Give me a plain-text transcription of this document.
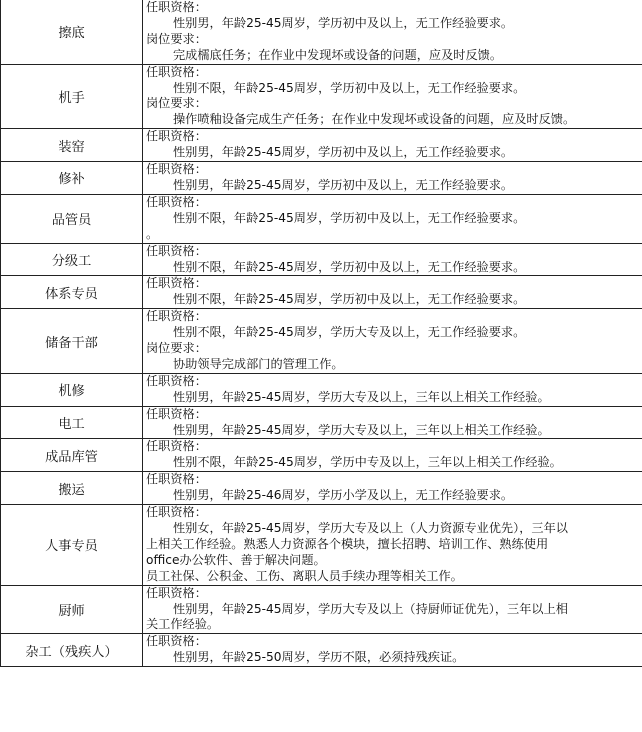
擦底	任职资格：
性别男，年龄25-45周岁，学历初中及以上，无工作经验要求。
岗位要求：
完成檽底任务；在作业中发现坏或设备的问题，应及时反馈。

机手	任职资格：
性别不限，年龄25-45周岁，学历初中及以上，无工作经验要求。
岗位要求：
操作喷釉设备完成生产任务；在作业中发现坏或设备的问题，应及时反馈。

装窑	任职资格：
性别男，年龄25-45周岁，学历初中及以上，无工作经验要求。

修补	任职资格：
性别男，年龄25-45周岁，学历初中及以上，无工作经验要求。

品管员	任职资格：
性别不限，年龄25-45周岁，学历初中及以上，无工作经验要求。
。

分级工	任职资格：
性别不限，年龄25-45周岁，学历初中及以上，无工作经验要求。

体系专员	任职资格：
性别不限，年龄25-45周岁，学历初中及以上，无工作经验要求。

储备干部	任职资格：
性别不限，年龄25-45周岁，学历大专及以上，无工作经验要求。
岗位要求：
协助领导完成部门的管理工作。

机修	任职资格：
性别男，年龄25-45周岁，学历大专及以上，三年以上相关工作经验。

电工	任职资格：
性别男，年龄25-45周岁，学历大专及以上，三年以上相关工作经验。

成品库管	任职资格：
性别不限，年龄25-45周岁，学历中专及以上，三年以上相关工作经验。

搬运	任职资格：
性别男，年龄25-46周岁，学历小学及以上，无工作经验要求。

人事专员	任职资格：
性别女，年龄25-45周岁，学历大专及以上（人力资源专业优先），三年以
上相关工作经验。熟悉人力资源各个模块，擅长招聘、培训工作、熟练使用
office办公软件、善于解决问题。
员工社保、公积金、工伤、离职人员手续办理等相关工作。

厨师	任职资格：
性别男，年龄25-45周岁，学历大专及以上（持厨师证优先），三年以上相
关工作经验。

杂工（残疾人）	任职资格：
性别男，年龄25-50周岁，学历不限，必须持残疾证。
